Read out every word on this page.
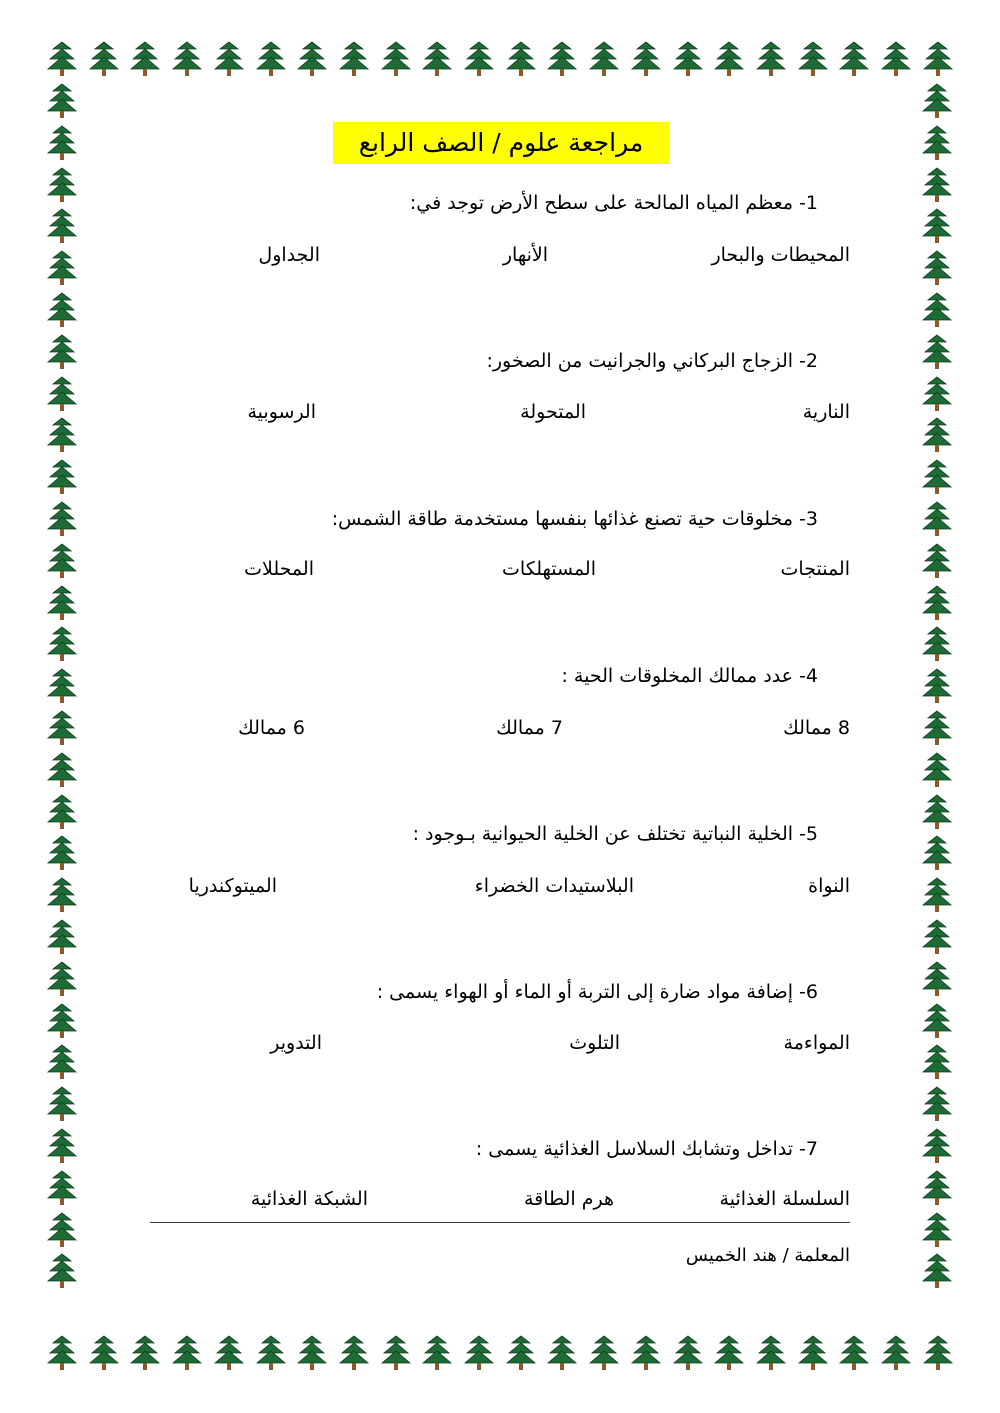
مراجعة علوم / الصف الرابع
1- معظم المياه المالحة على سطح الأرض توجد في:
المحيطات والبحار
الأنهار
الجداول
2- الزجاج البركاني والجرانيت من الصخور:
النارية
المتحولة
الرسوبية
3- مخلوقات حية تصنع غذائها بنفسها مستخدمة طاقة الشمس:
المنتجات
المستهلكات
المحللات
4- عدد ممالك المخلوقات الحية :
8 ممالك
7 ممالك
6 ممالك
5- الخلية النباتية تختلف عن الخلية الحيوانية بـوجود :
النواة
البلاستيدات الخضراء
الميتوكندريا
6- إضافة مواد ضارة إلى التربة أو الماء أو الهواء يسمى :
المواءمة
التلوث
التدوير
7- تداخل وتشابك السلاسل الغذائية يسمى :
السلسلة الغذائية
هرم الطاقة
الشبكة الغذائية
المعلمة / هند الخميس
